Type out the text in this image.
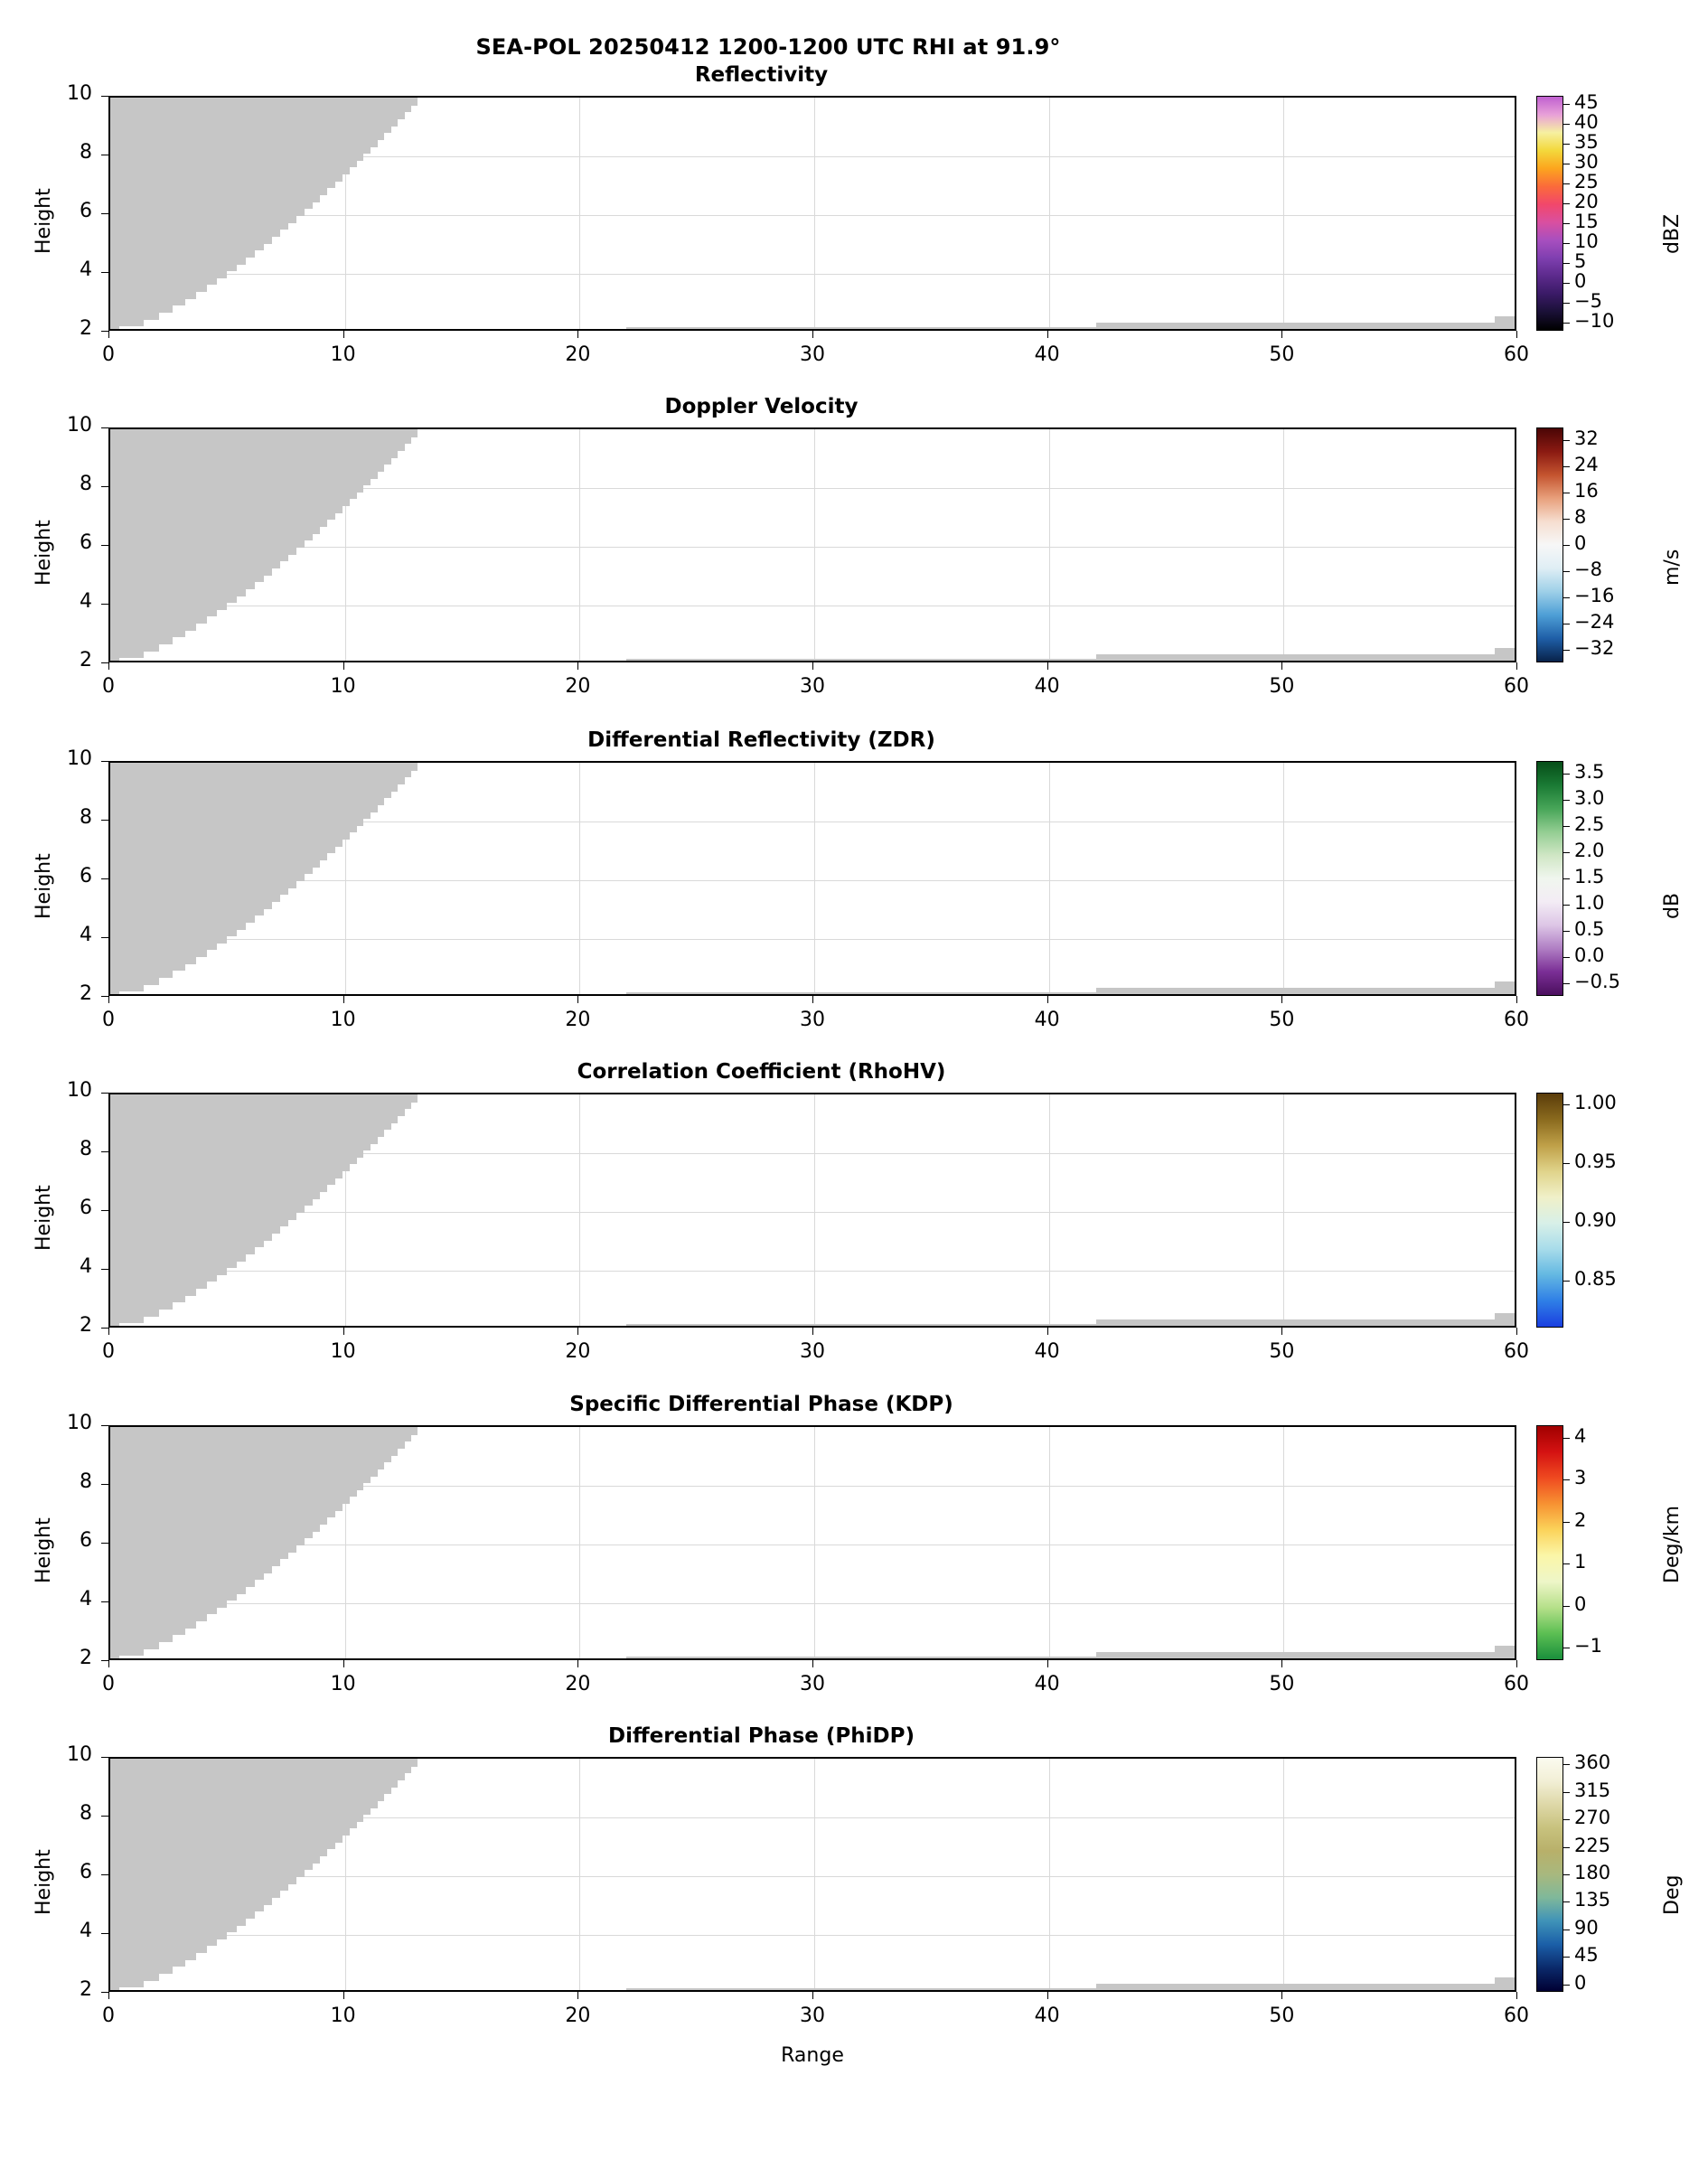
SEA-POL 20250412 1200-1200 UTC RHI at 91.9°
Reflectivity
0	10	20	30	40	50	60
2
4
6
8
10
Height
−10
−5
0
5
10
15
20
25
30
35
40
45
dBZ
Doppler Velocity
0	10	20	30	40	50	60
2
4
6
8
10
Height
−32
−24
−16
−8
0
8
16
24
32
m/s
Differential Reflectivity (ZDR)
0	10	20	30	40	50	60
2
4
6
8
10
Height
−0.5
0.0
0.5
1.0
1.5
2.0
2.5
3.0
3.5
dB
Correlation Coefficient (RhoHV)
0	10	20	30	40	50	60
2
4
6
8
10
Height
0.85
0.90
0.95
1.00
Specific Differential Phase (KDP)
0	10	20	30	40	50	60
2
4
6
8
10
Height
−1
0
1
2
3
4
Deg/km
Differential Phase (PhiDP)
0	10	20	30	40	50	60
2
4
6
8
10
Height
0
45
90
135
180
225
270
315
360
Deg
Range
